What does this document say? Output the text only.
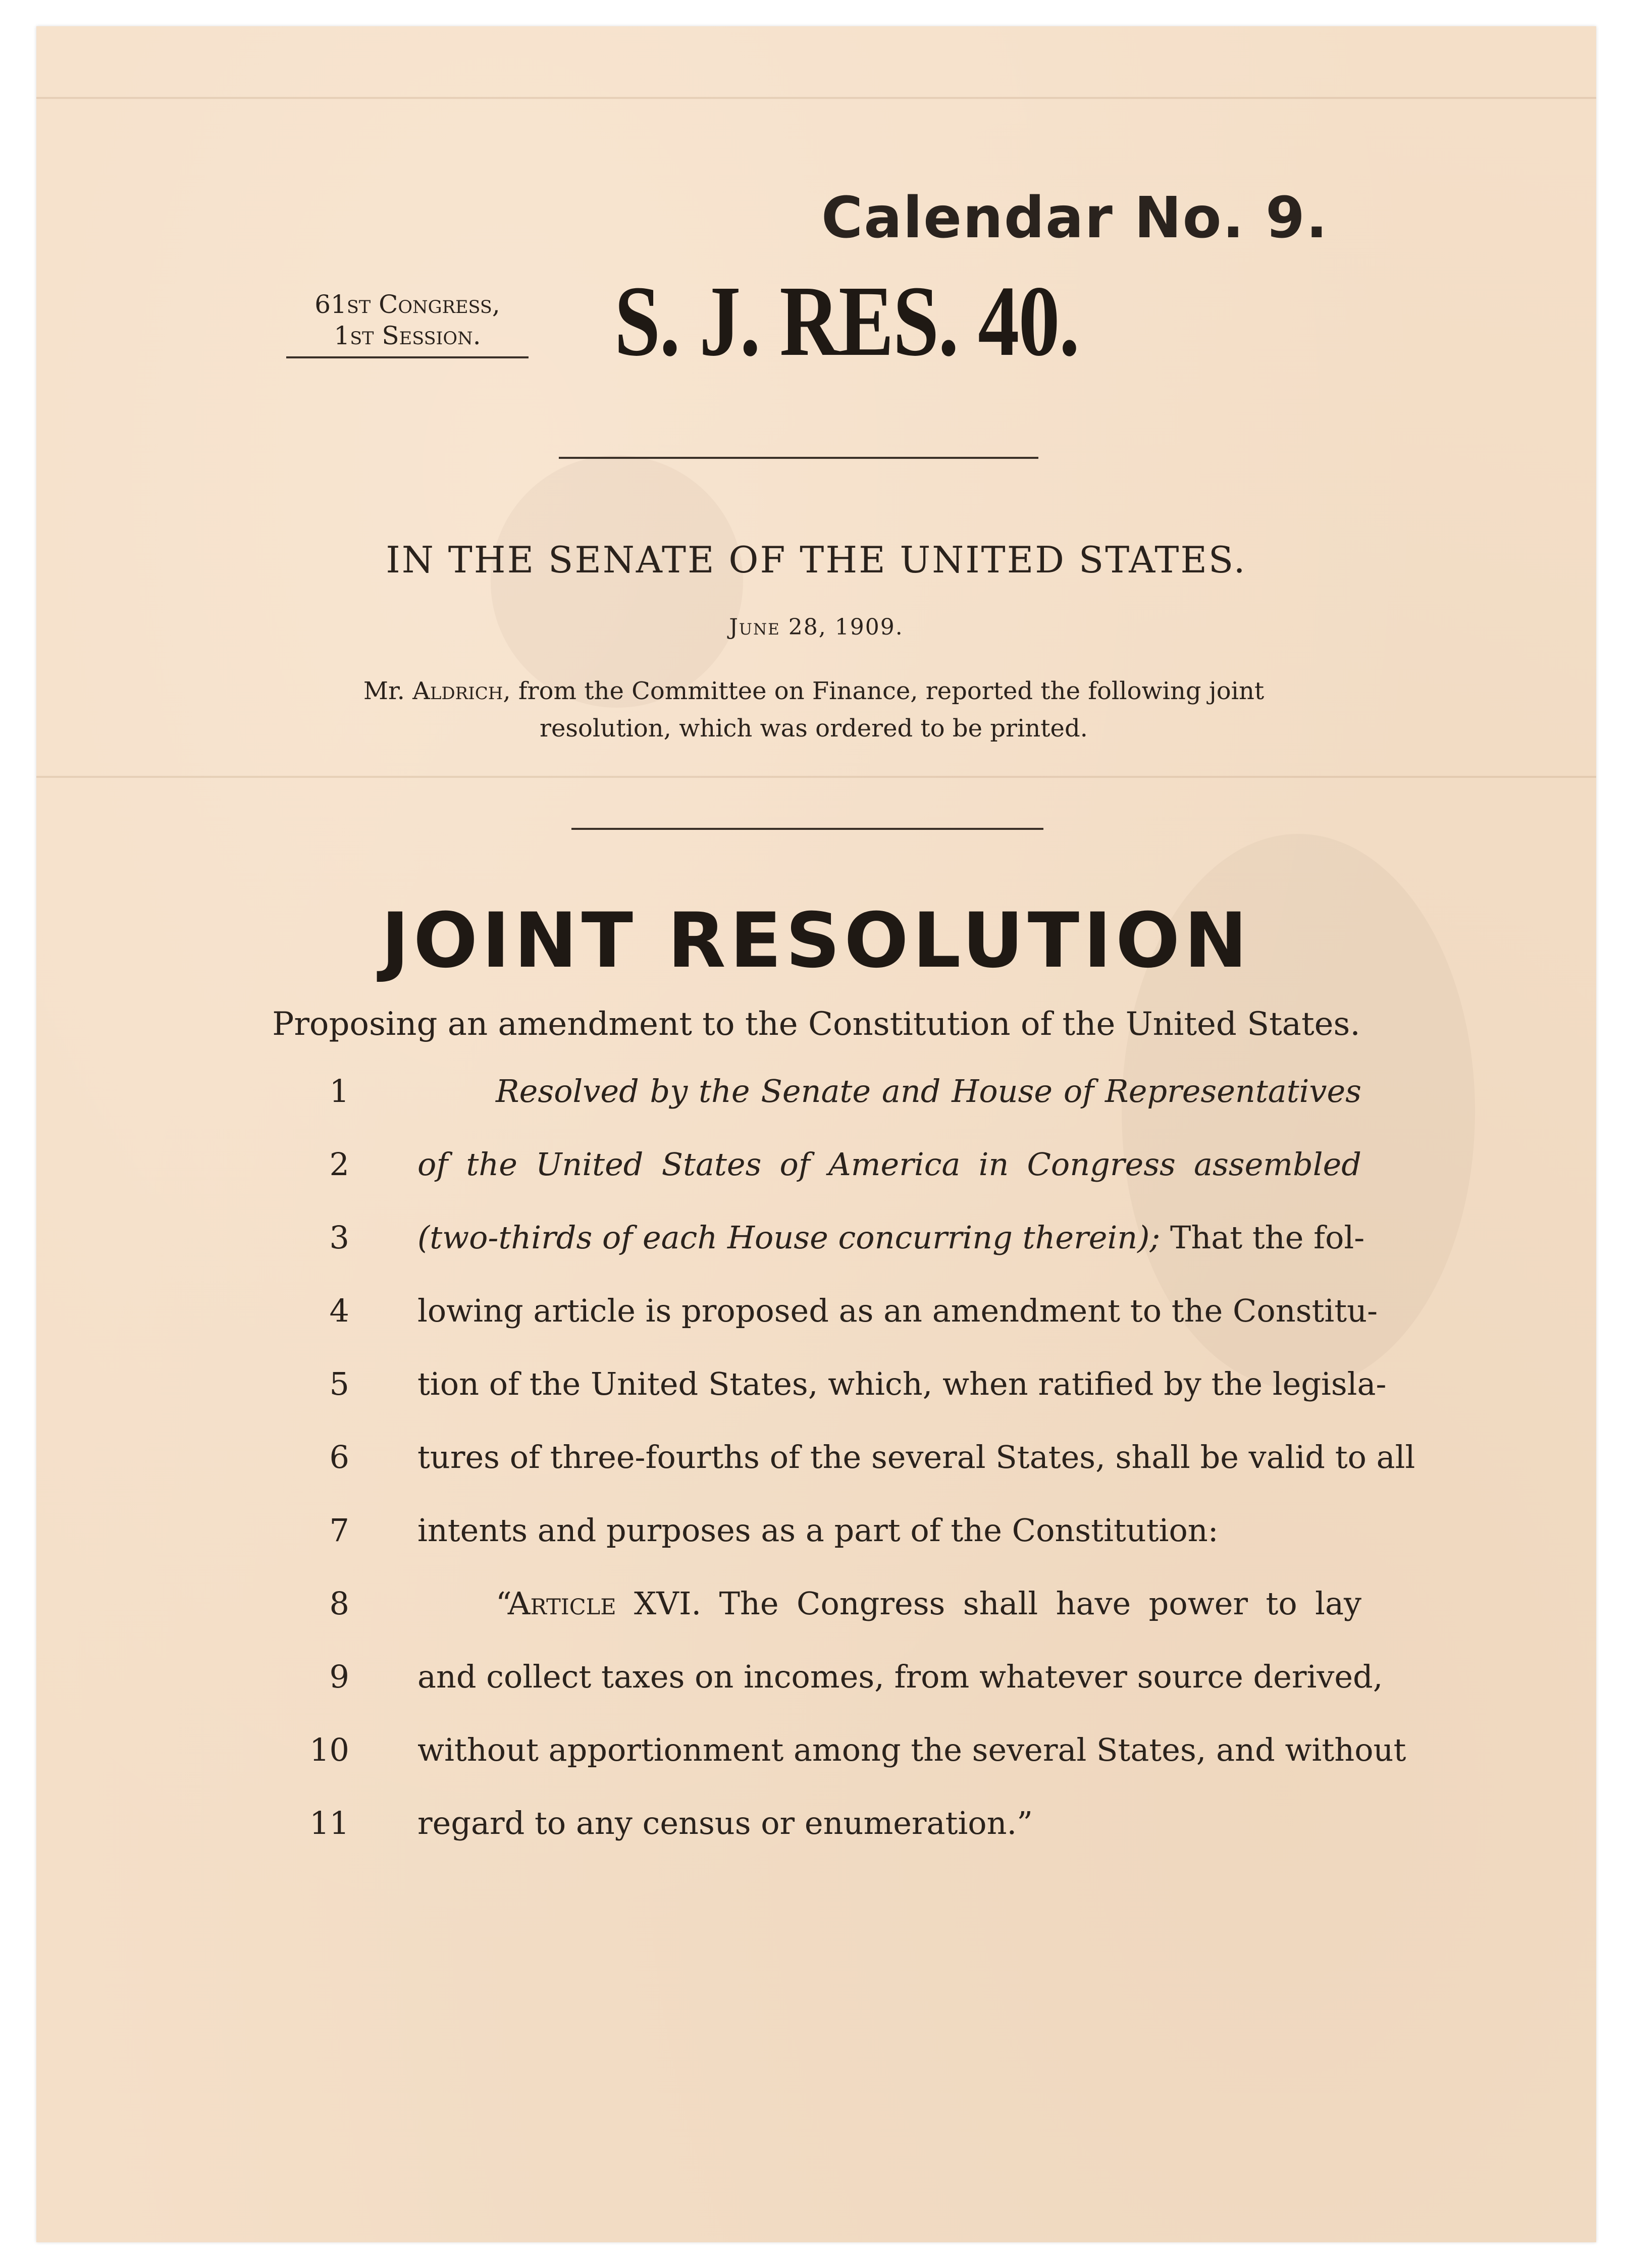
Calendar No. 9.
61st Congress,
1st Session.	S. J. RES. 40.
IN THE SENATE OF THE UNITED STATES.
June 28, 1909.
Mr. Aldrich, from the Committee on Finance, reported the following joint
resolution, which was ordered to be printed.
JOINT RESOLUTION
Proposing an amendment to the Constitution of the United States.
1	Resolved by the Senate and House of Representatives
2 of the United States of America in Congress assembled
3 (two-thirds of each House concurring therein); That the fol-
4 lowing article is proposed as an amendment to the Constitu-
5 tion of the United States, which, when ratified by the legisla-
6 tures of three-fourths of the several States, shall be valid to all
7 intents and purposes as a part of the Constitution:
8	“Article XVI. The Congress shall have power to lay
9 and collect taxes on incomes, from whatever source derived,
10 without apportionment among the several States, and without
11 regard to any census or enumeration.”
